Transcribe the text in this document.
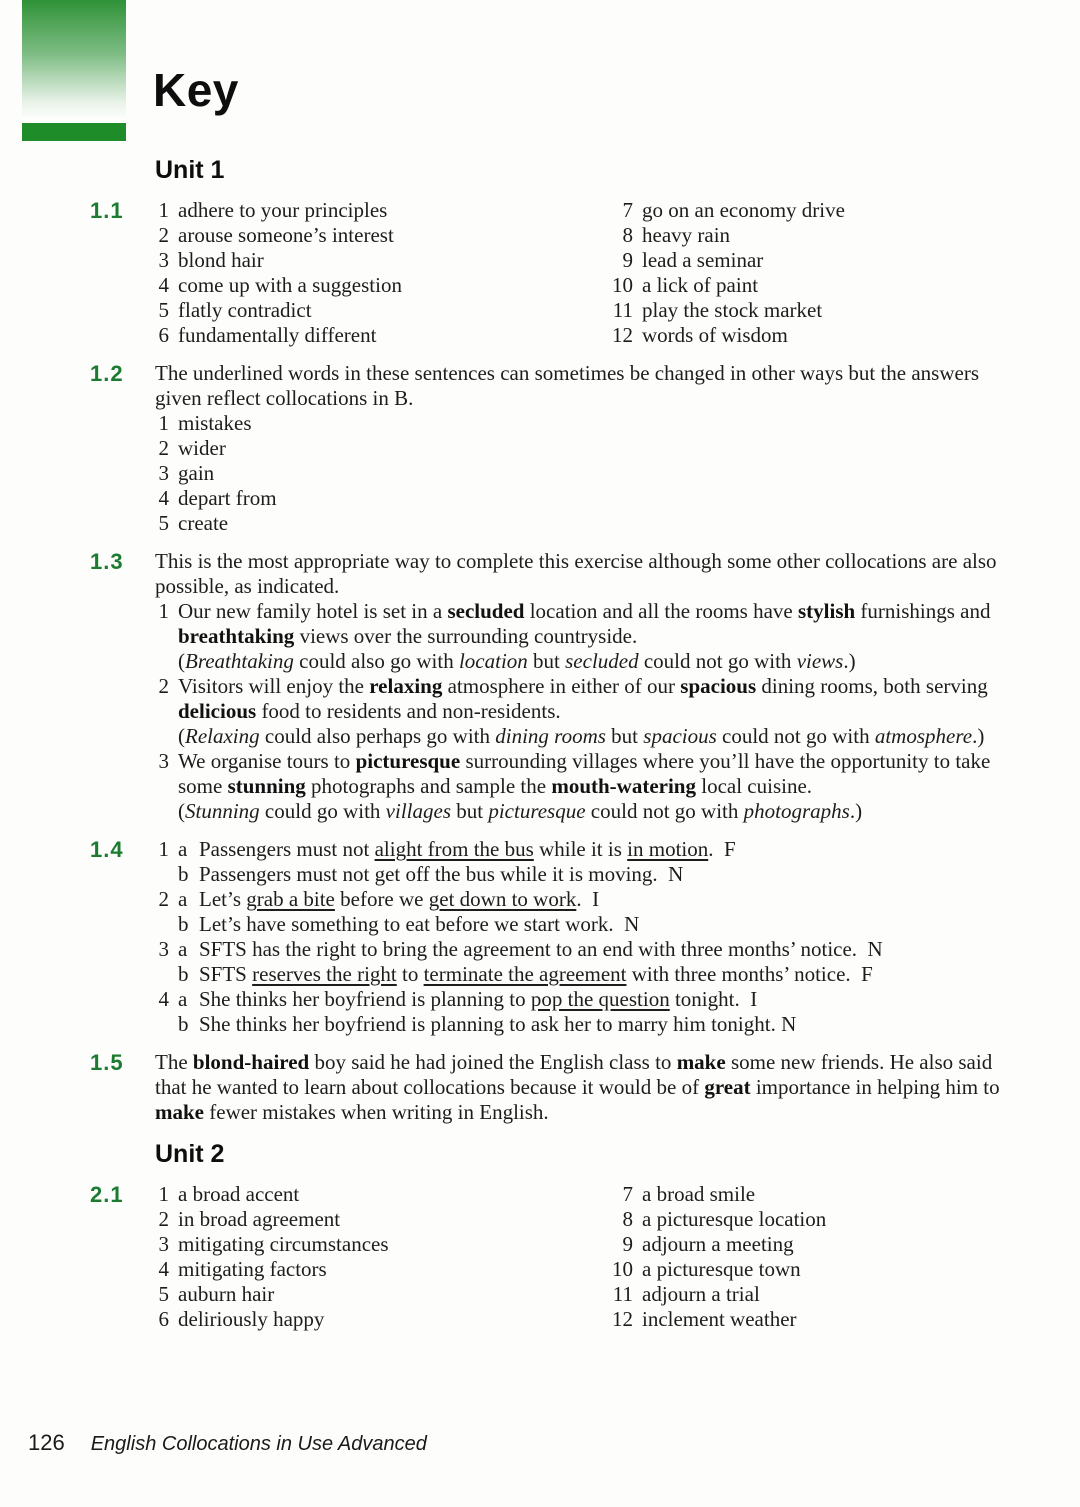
Key
Unit 1
1.1 1 adhere to your principles
2 arouse someone’s interest
3 blond hair
4 come up with a suggestion
5 flatly contradict
6 fundamentally different
7 go on an economy drive
8 heavy rain
9 lead a seminar
10 a lick of paint
11 play the stock market
12 words of wisdom
1.2 The underlined words in these sentences can sometimes be changed in other ways but the answers given reflect collocations in B.

1 mistakes
2 wider
3 gain
4 depart from
5 create
1.3 This is the most appropriate way to complete this exercise although some other collocations are also possible, as indicated.

1 Our new family hotel is set in a secluded location and all the rooms have stylish furnishings and breathtaking views over the surrounding countryside.
(Breathtaking could also go with location but secluded could not go with views.)
2 Visitors will enjoy the relaxing atmosphere in either of our spacious dining rooms, both serving delicious food to residents and non-residents.
(Relaxing could also perhaps go with dining rooms but spacious could not go with atmosphere.)
3 We organise tours to picturesque surrounding villages where you’ll have the opportunity to take some stunning photographs and sample the mouth-watering local cuisine.
(Stunning could go with villages but picturesque could not go with photographs.)
1.4 1 a Passengers must not alight from the bus while it is in motion.  F
b Passengers must not get off the bus while it is moving.  N
2 a Let’s grab a bite before we get down to work.  I
b Let’s have something to eat before we start work.  N
3 a SFTS has the right to bring the agreement to an end with three months’ notice.  N
b SFTS reserves the right to terminate the agreement with three months’ notice.  F
4 a She thinks her boyfriend is planning to pop the question tonight.  I
b She thinks her boyfriend is planning to ask her to marry him tonight. N
1.5 The blond-haired boy said he had joined the English class to make some new friends. He also said that he wanted to learn about collocations because it would be of great importance in helping him to make fewer mistakes when writing in English.

Unit 2
2.1 1 a broad accent
2 in broad agreement
3 mitigating circumstances
4 mitigating factors
5 auburn hair
6 deliriously happy
7 a broad smile
8 a picturesque location
9 adjourn a meeting
10 a picturesque town
11 adjourn a trial
12 inclement weather
126 English Collocations in Use Advanced
